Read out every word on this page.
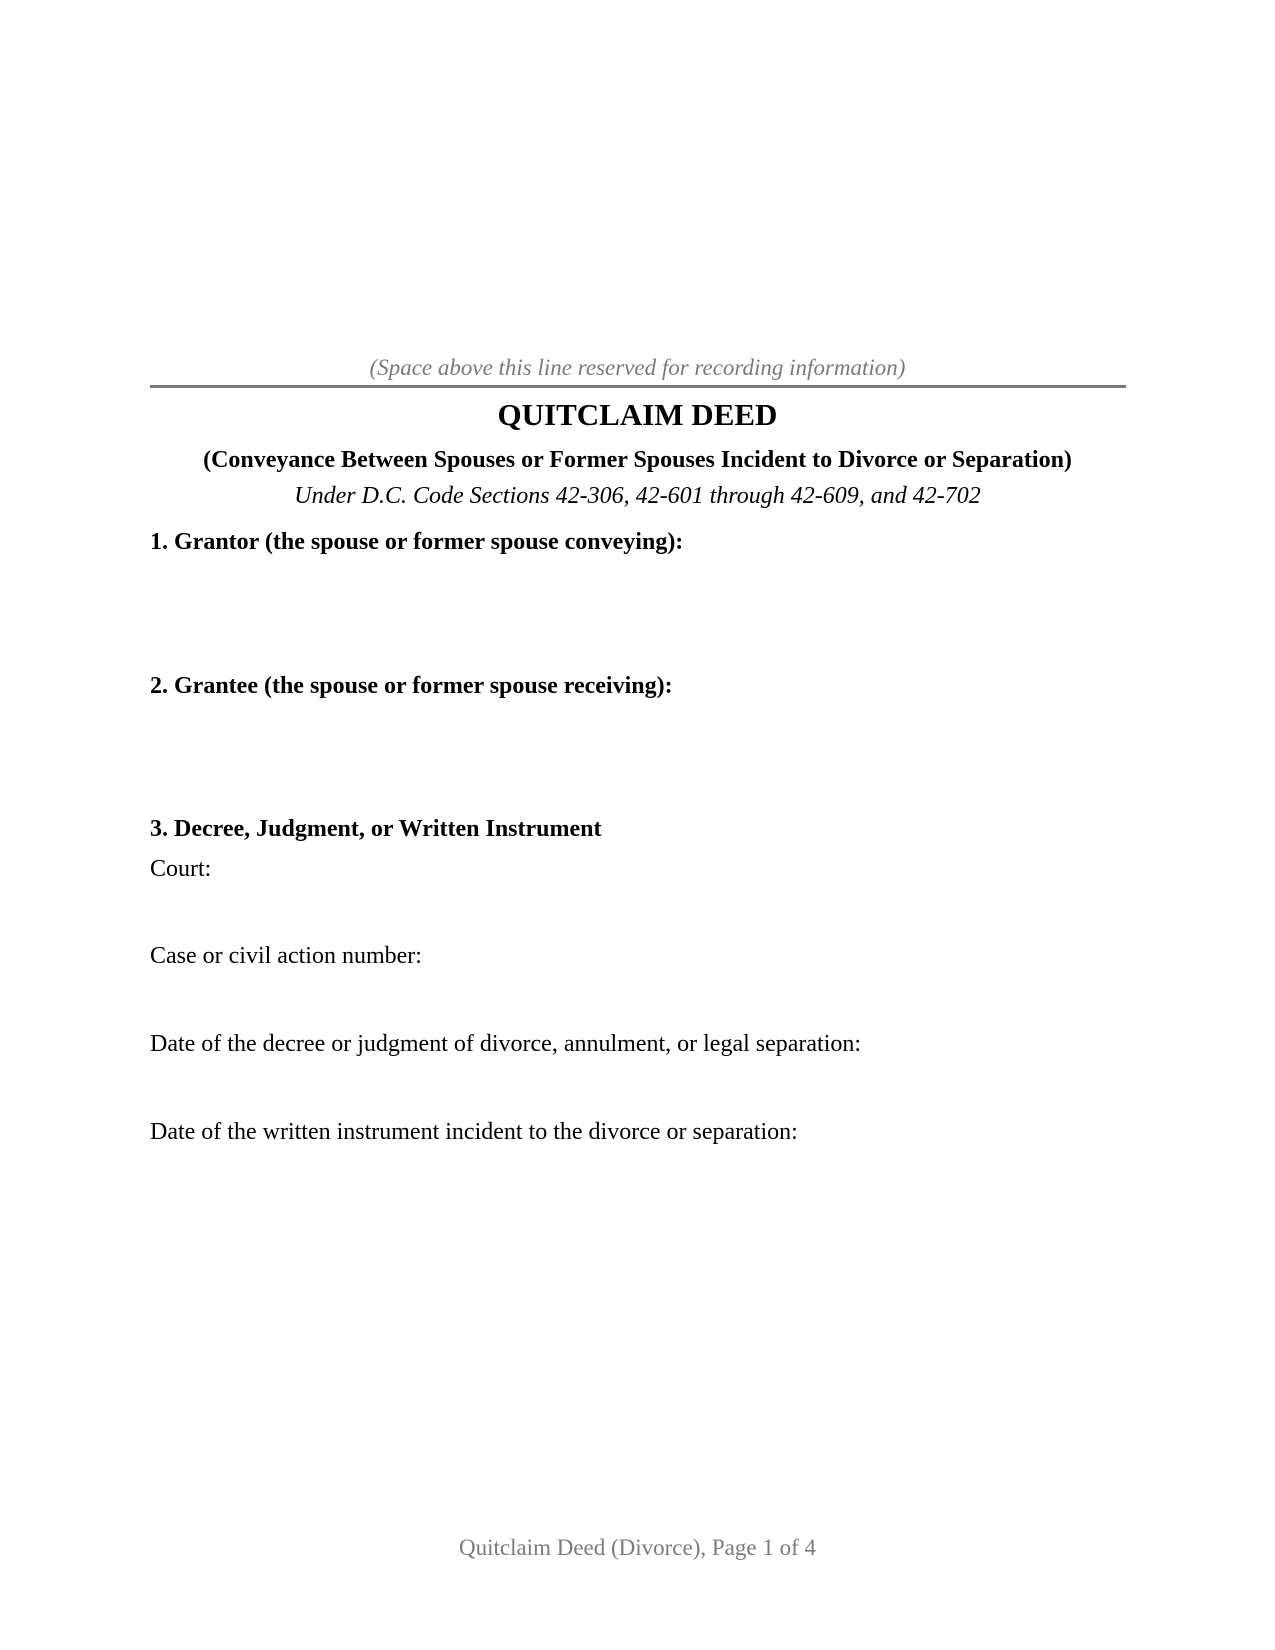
(Space above this line reserved for recording information)
QUITCLAIM DEED
(Conveyance Between Spouses or Former Spouses Incident to Divorce or Separation)
Under D.C. Code Sections 42-306, 42-601 through 42-609, and 42-702
1. Grantor (the spouse or former spouse conveying):
2. Grantee (the spouse or former spouse receiving):
3. Decree, Judgment, or Written Instrument
Court:
Case or civil action number:
Date of the decree or judgment of divorce, annulment, or legal separation:
Date of the written instrument incident to the divorce or separation:
Quitclaim Deed (Divorce), Page 1 of 4
